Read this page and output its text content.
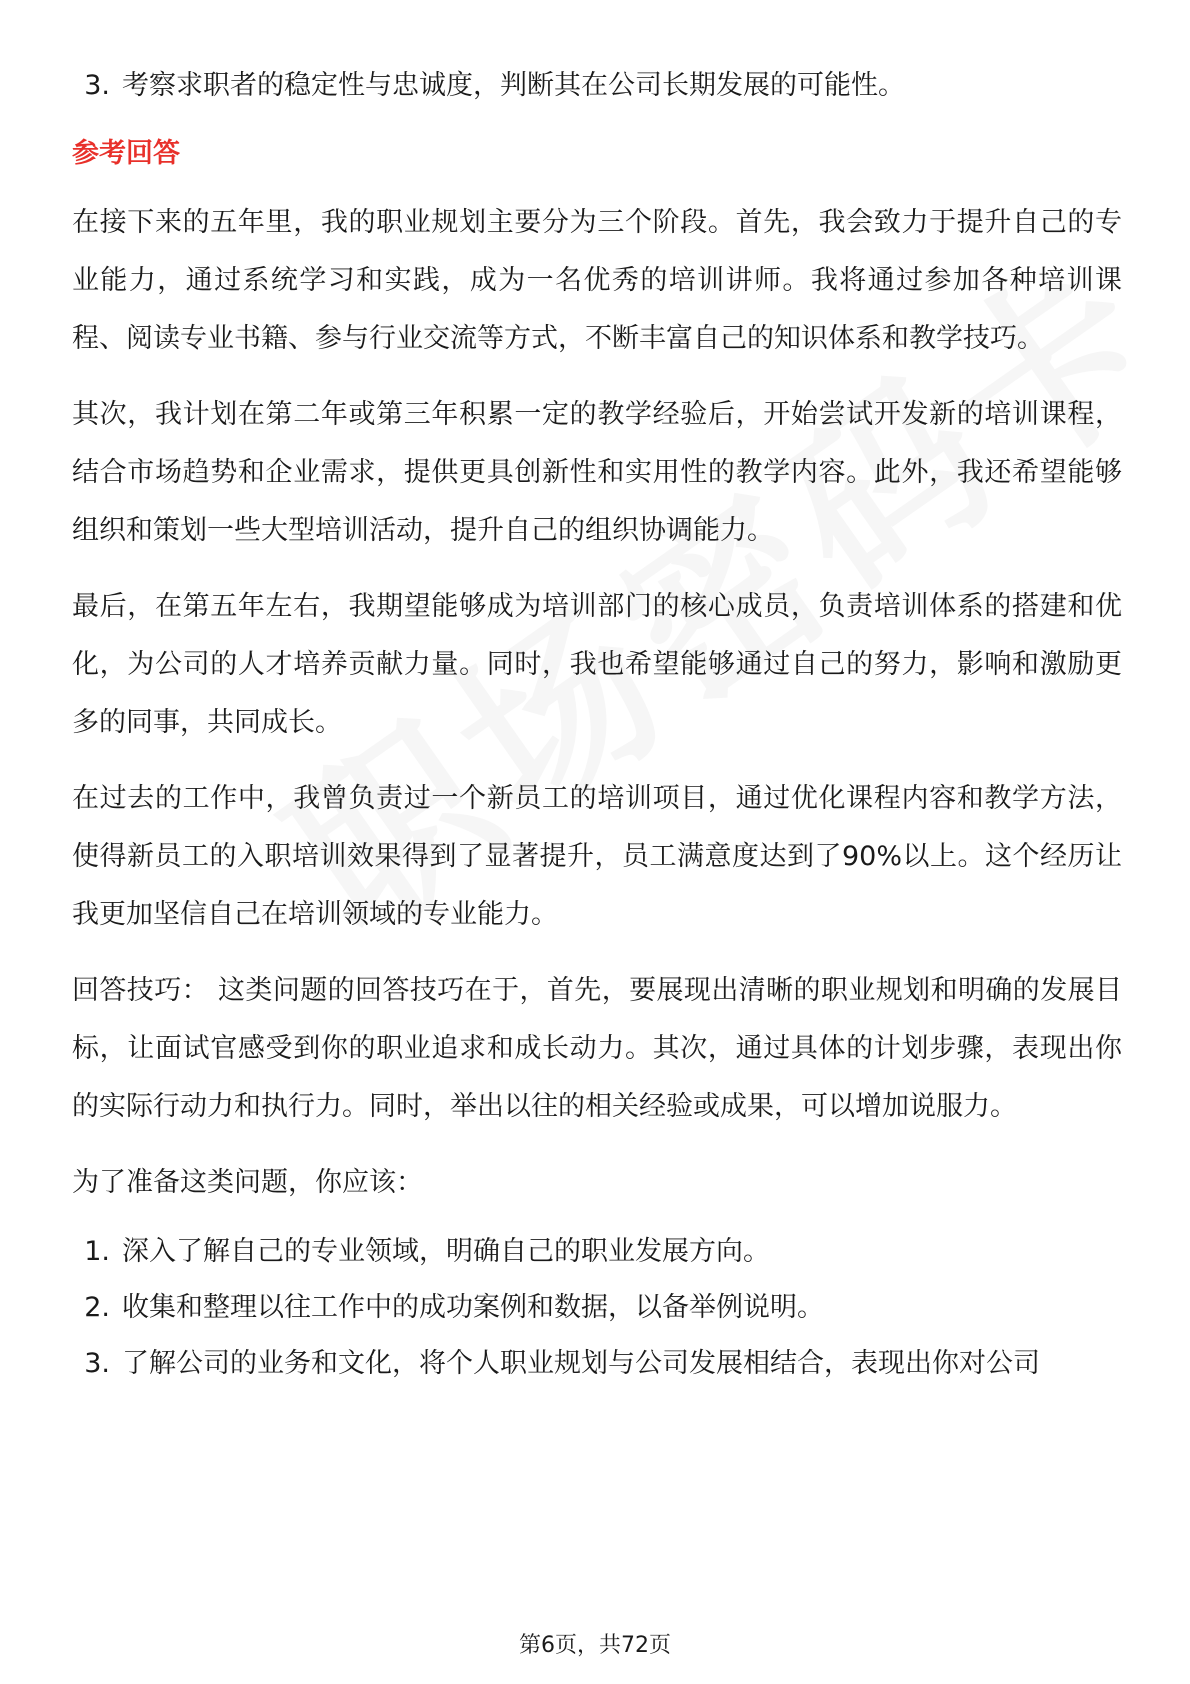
3. 考察求职者的稳定性与忠诚度，判断其在公司长期发展的可能性。
参考回答

在接下来的五年里，我的职业规划主要分为三个阶段。首先，我会致力于提升自己的专业能力，通过系统学习和实践，成为一名优秀的培训讲师。我将通过参加各种培训课程、阅读专业书籍、参与行业交流等方式，不断丰富自己的知识体系和教学技巧。

其次，我计划在第二年或第三年积累一定的教学经验后，开始尝试开发新的培训课程，结合市场趋势和企业需求，提供更具创新性和实用性的教学内容。此外，我还希望能够组织和策划一些大型培训活动，提升自己的组织协调能力。

最后，在第五年左右，我期望能够成为培训部门的核心成员，负责培训体系的搭建和优化，为公司的人才培养贡献力量。同时，我也希望能够通过自己的努力，影响和激励更多的同事，共同成长。

在过去的工作中，我曾负责过一个新员工的培训项目，通过优化课程内容和教学方法，使得新员工的入职培训效果得到了显著提升，员工满意度达到了90%以上。这个经历让我更加坚信自己在培训领域的专业能力。

回答技巧： 这类问题的回答技巧在于，首先，要展现出清晰的职业规划和明确的发展目标，让面试官感受到你的职业追求和成长动力。其次，通过具体的计划步骤，表现出你的实际行动力和执行力。同时，举出以往的相关经验或成果，可以增加说服力。

为了准备这类问题，你应该：

1. 深入了解自己的专业领域，明确自己的职业发展方向。
2. 收集和整理以往工作中的成功案例和数据，以备举例说明。
3. 了解公司的业务和文化，将个人职业规划与公司发展相结合，表现出你对公司
第6页，共72页
